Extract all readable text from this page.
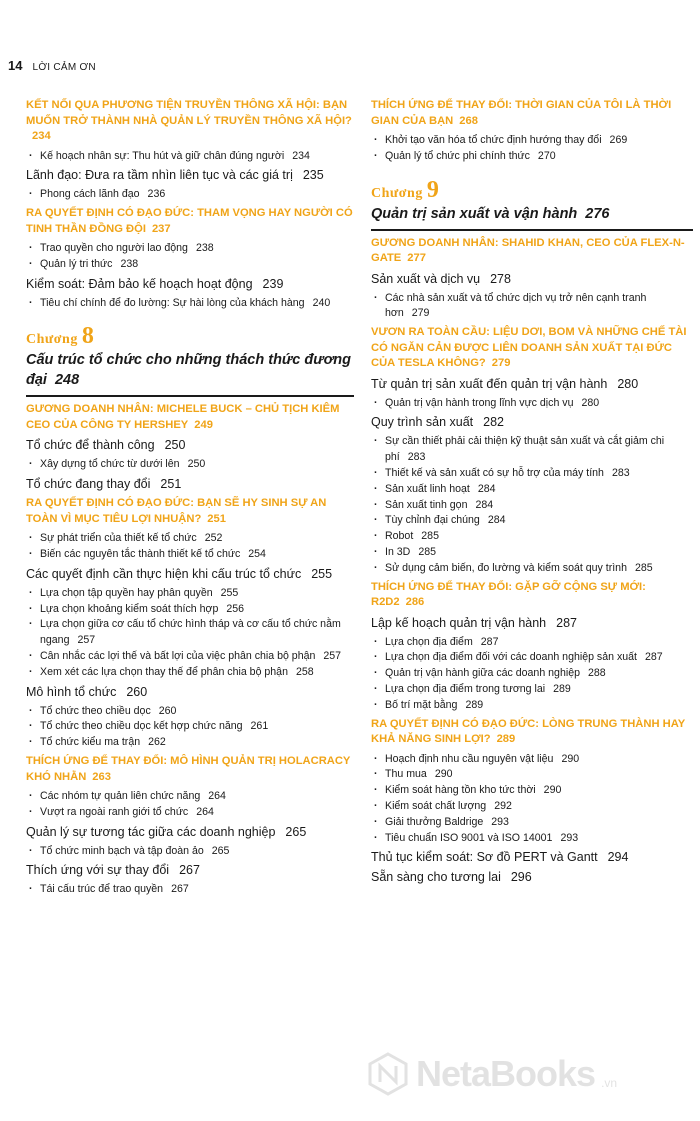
14 LỜI CẢM ƠN
KẾT NỐI QUA PHƯƠNG TIỆN TRUYỀN THÔNG XÃ HỘI: BẠN MUỐN TRỞ THÀNH NHÀ QUẢN LÝ TRUYỀN THÔNG XÃ HỘI?234
· Kế hoạch nhân sự: Thu hút và giữ chân đúng người 234
Lãnh đạo: Đưa ra tầm nhìn liên tục và các giá trị 235
· Phong cách lãnh đạo 236
RA QUYẾT ĐỊNH CÓ ĐẠO ĐỨC: THAM VỌNG HAY NGƯỜI CÓ TINH THẦN ĐỒNG ĐỘI 237
· Trao quyền cho người lao động 238
· Quản lý tri thức 238
Kiểm soát: Đảm bảo kế hoạch hoạt động 239
· Tiêu chí chính để đo lường: Sự hài lòng của khách hàng 240
Chương 8
Cấu trúc tổ chức cho những thách thức đương đại 248
GƯƠNG DOANH NHÂN: MICHELE BUCK – CHỦ TỊCH KIÊM CEO CỦA CÔNG TY HERSHEY 249
Tổ chức để thành công 250
· Xây dựng tổ chức từ dưới lên 250
Tổ chức đang thay đổi 251
RA QUYẾT ĐỊNH CÓ ĐẠO ĐỨC: BẠN SẼ HY SINH SỰ AN TOÀN VÌ MỤC TIÊU LỢI NHUẬN? 251
· Sự phát triển của thiết kế tổ chức 252
· Biến các nguyên tắc thành thiết kế tổ chức 254
Các quyết định cần thực hiện khi cấu trúc tổ chức 255
· Lựa chọn tập quyền hay phân quyền 255
· Lựa chọn khoảng kiểm soát thích hợp 256
· Lựa chọn giữa cơ cấu tổ chức hình tháp và cơ cấu tổ chức nằm ngang 257
· Cân nhắc các lợi thế và bất lợi của việc phân chia bộ phận 257
· Xem xét các lựa chọn thay thế để phân chia bộ phận 258
Mô hình tổ chức 260
· Tổ chức theo chiều dọc 260
· Tổ chức theo chiều dọc kết hợp chức năng 261
· Tổ chức kiểu ma trận 262
THÍCH ỨNG ĐỂ THAY ĐỔI: MÔ HÌNH QUẢN TRỊ HOLACRACY KHÓ NHẰN 263
· Các nhóm tự quản liên chức năng 264
· Vượt ra ngoài ranh giới tổ chức 264
Quản lý sự tương tác giữa các doanh nghiệp 265
· Tổ chức minh bạch và tập đoàn ảo 265
Thích ứng với sự thay đổi 267
· Tái cấu trúc để trao quyền 267
THÍCH ỨNG ĐỂ THAY ĐỔI: THỜI GIAN CỦA TÔI LÀ THỜI GIAN CỦA BẠN 268
· Khởi tạo văn hóa tổ chức định hướng thay đổi 269
· Quản lý tổ chức phi chính thức 270
Chương 9
Quản trị sản xuất và vận hành 276
GƯƠNG DOANH NHÂN: SHAHID KHAN, CEO CỦA FLEX-N-GATE 277
Sản xuất và dịch vụ 278
· Các nhà sản xuất và tổ chức dịch vụ trở nên cạnh tranh hơn 279
VƯƠN RA TOÀN CẦU: LIỆU DƠI, BOM VÀ NHỮNG CHẾ TÀI CÓ NGĂN CẢN ĐƯỢC LIÊN DOANH SẢN XUẤT TẠI ĐỨC CỦA TESLA KHÔNG? 279
Từ quản trị sản xuất đến quản trị vận hành 280
· Quản trị vận hành trong lĩnh vực dịch vụ 280
Quy trình sản xuất 282
· Sự cần thiết phải cải thiện kỹ thuật sản xuất và cắt giảm chi phí 283
· Thiết kế và sản xuất có sự hỗ trợ của máy tính 283
· Sản xuất linh hoạt 284
· Sản xuất tinh gọn 284
· Tùy chỉnh đại chúng 284
· Robot 285
· In 3D 285
· Sử dụng cảm biến, đo lường và kiểm soát quy trình 285
THÍCH ỨNG ĐỂ THAY ĐỔI: GẶP GỠ CỘNG SỰ MỚI: R2D2 286
Lập kế hoạch quản trị vận hành 287
· Lựa chọn địa điểm 287
· Lựa chọn địa điểm đối với các doanh nghiệp sản xuất 287
· Quản trị vận hành giữa các doanh nghiệp 288
· Lựa chọn địa điểm trong tương lai 289
· Bố trí mặt bằng 289
RA QUYẾT ĐỊNH CÓ ĐẠO ĐỨC: LÒNG TRUNG THÀNH HAY KHẢ NĂNG SINH LỢI? 289
· Hoạch định nhu cầu nguyên vật liệu 290
· Thu mua 290
· Kiểm soát hàng tồn kho tức thời 290
· Kiểm soát chất lượng 292
· Giải thưởng Baldrige 293
· Tiêu chuẩn ISO 9001 và ISO 14001 293
Thủ tục kiểm soát: Sơ đồ PERT và Gantt 294
Sẵn sàng cho tương lai 296
NetaBooks .vn
